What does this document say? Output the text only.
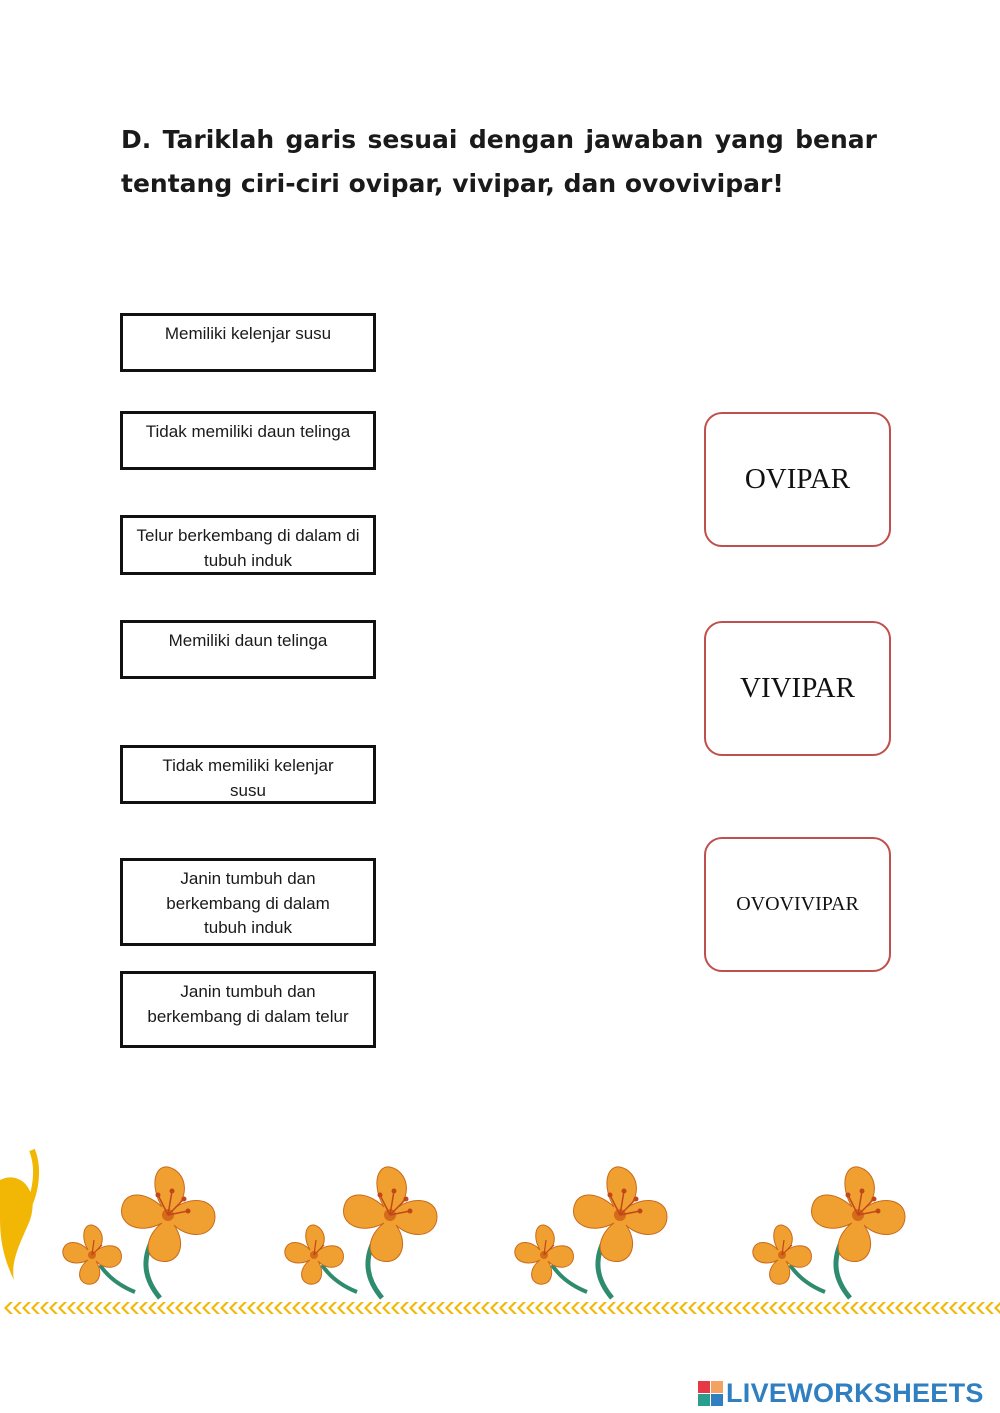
D. Tariklah garis sesuai dengan jawaban yang benar tentang ciri-ciri ovipar, vivipar, dan ovovivipar!

Memiliki kelenjar susu
Tidak memiliki daun telinga
Telur berkembang di dalam di tubuh induk
Memiliki daun telinga
Tidak memiliki kelenjar susu
Janin tumbuh dan berkembang di dalam tubuh induk
Janin tumbuh dan berkembang di dalam telur
OVIPAR
VIVIPAR
OVOVIVIPAR
LIVEWORKSHEETS
